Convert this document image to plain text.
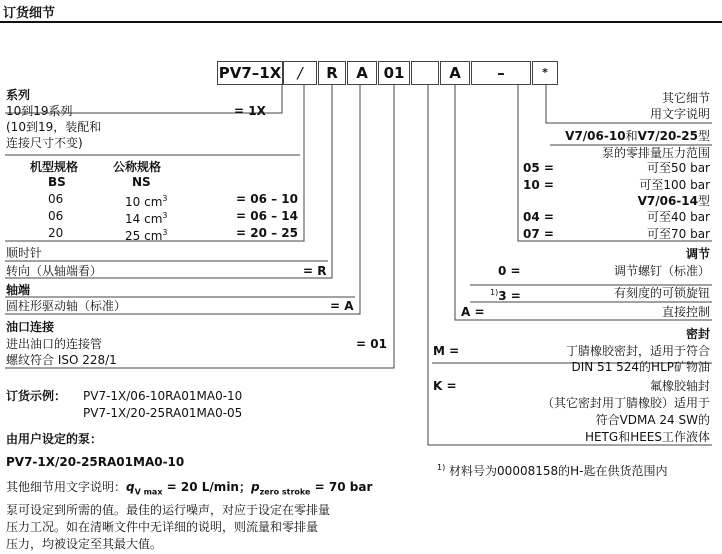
订货细节
PV7–1X	/	R	A	01	A	–	*
系列
10到19系列	= 1X
(10到19，装配和
连接尺寸不变)
机型规格	公称规格
BS	NS
06	10 $cm^3$	= 06 – 10
06	14 $cm^3$	= 06 – 14
20	25 $cm^3$	= 20 – 25
顺时针
转向（从轴端看）	= R
轴端
圆柱形驱动轴（标准）	= A
油口连接
进出油口的连接管	= 01
螺纹符合 ISO 228/1
订货示例： PV7-1X/06-10RA01MA0-10
PV7-1X/20-25RA01MA0-05
由用户设定的泵：
PV7-1X/20-25RA01MA0-10
其他细节用文字说明：$q_{V max} = 20$ L/min；$p_{zero stroke} = 70$ bar
泵可设定到所需的值。最佳的运行噪声，对应于设定在零排量
压力工况。如在清晰文件中无详细的说明，则流量和零排量
压力，均被设定至其最大值。
其它细节
用文字说明
V7/06-10和V7/20-25型
泵的零排量压力范围
05 =	可至50 bar
10 =	可至100 bar
V7/06-14型
04 =	可至40 bar
07 =	可至70 bar
调节
0 =	调节螺钉（标准）
$^{1)}$3 =	有刻度的可锁旋钮
A =	直接控制
密封
M =	丁腈橡胶密封，适用于符合
DIN 51 524的HLP矿物油
K =	氟橡胶轴封
（其它密封用丁腈橡胶）适用于
符合VDMA 24 SW的
HETG和HEES工作液体
$^{1)}$ 材料号为00008158的H-匙在供货范围内
